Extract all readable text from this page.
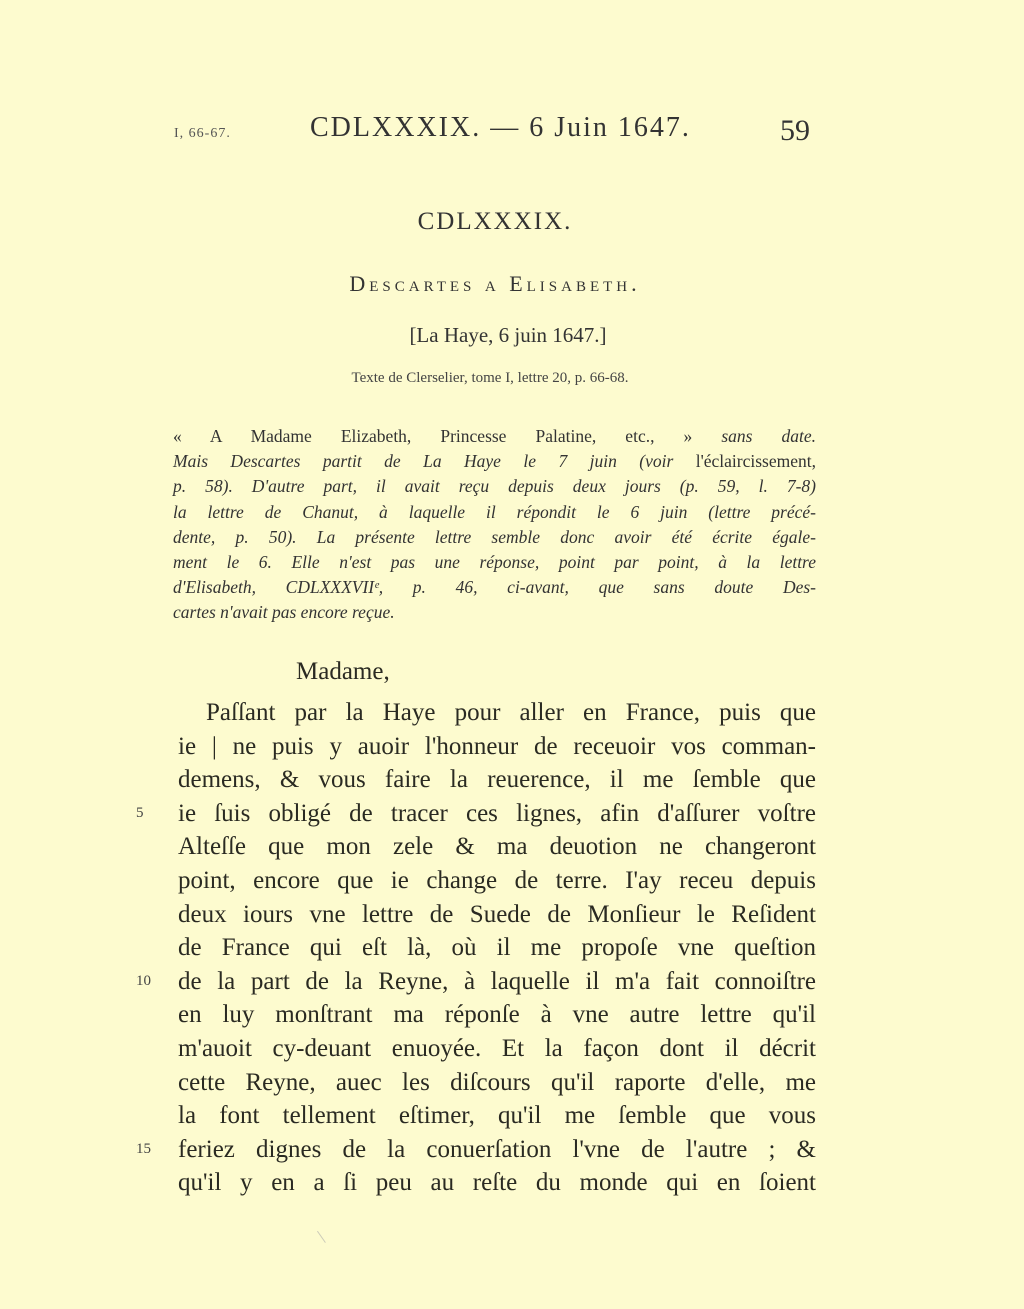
I, 66-67.	CDLXXXIX. — 6 Juin 1647.	59
CDLXXXIX.
Descartes a Elisabeth.
[La Haye, 6 juin 1647.]
Texte de Clerselier, tome I, lettre 20, p. 66-68.
« A Madame Elizabeth, Princesse Palatine, etc., » sans date.
Mais Descartes partit de La Haye le 7 juin (voir l'éclaircissement,
p. 58). D'autre part, il avait reçu depuis deux jours (p. 59, l. 7-8)
la lettre de Chanut, à laquelle il répondit le 6 juin (lettre précé-
dente, p. 50). La présente lettre semble donc avoir été écrite égale-
ment le 6. Elle n'est pas une réponse, point par point, à la lettre
d'Elisabeth, CDLXXXVIIᵉ, p. 46, ci-avant, que sans doute Des-
cartes n'avait pas encore reçue.
Madame,
Paſſant par la Haye pour aller en France, puis que
ie | ne puis y auoir l'honneur de receuoir vos comman-
demens, & vous faire la reuerence, il me ſemble que
5	ie ſuis obligé de tracer ces lignes, afin d'aſſurer voſtre
Alteſſe quе mon zele & ma deuotion ne changeront
point, encore que ie change de terre. I'ay receu depuis
deux iours vne lettre de Suede de Monſieur le Reſident
de France qui eſt là, où il me propoſe vne queſtion
10	de la part de la Reyne, à laquelle il m'a fait connoiſtre
en luy monſtrant ma réponſe à vne autre lettre qu'il
m'auoit cy-deuant enuoyée. Et la façon dont il décrit
cette Reyne, auec les diſcours qu'il raporte d'elle, me
la font tellement eſtimer, qu'il me ſemble que vous
15	feriez dignes de la conuerſation l'vne de l'autre ; &
qu'il y en a ſi peu au reſte du monde qui en ſoient
